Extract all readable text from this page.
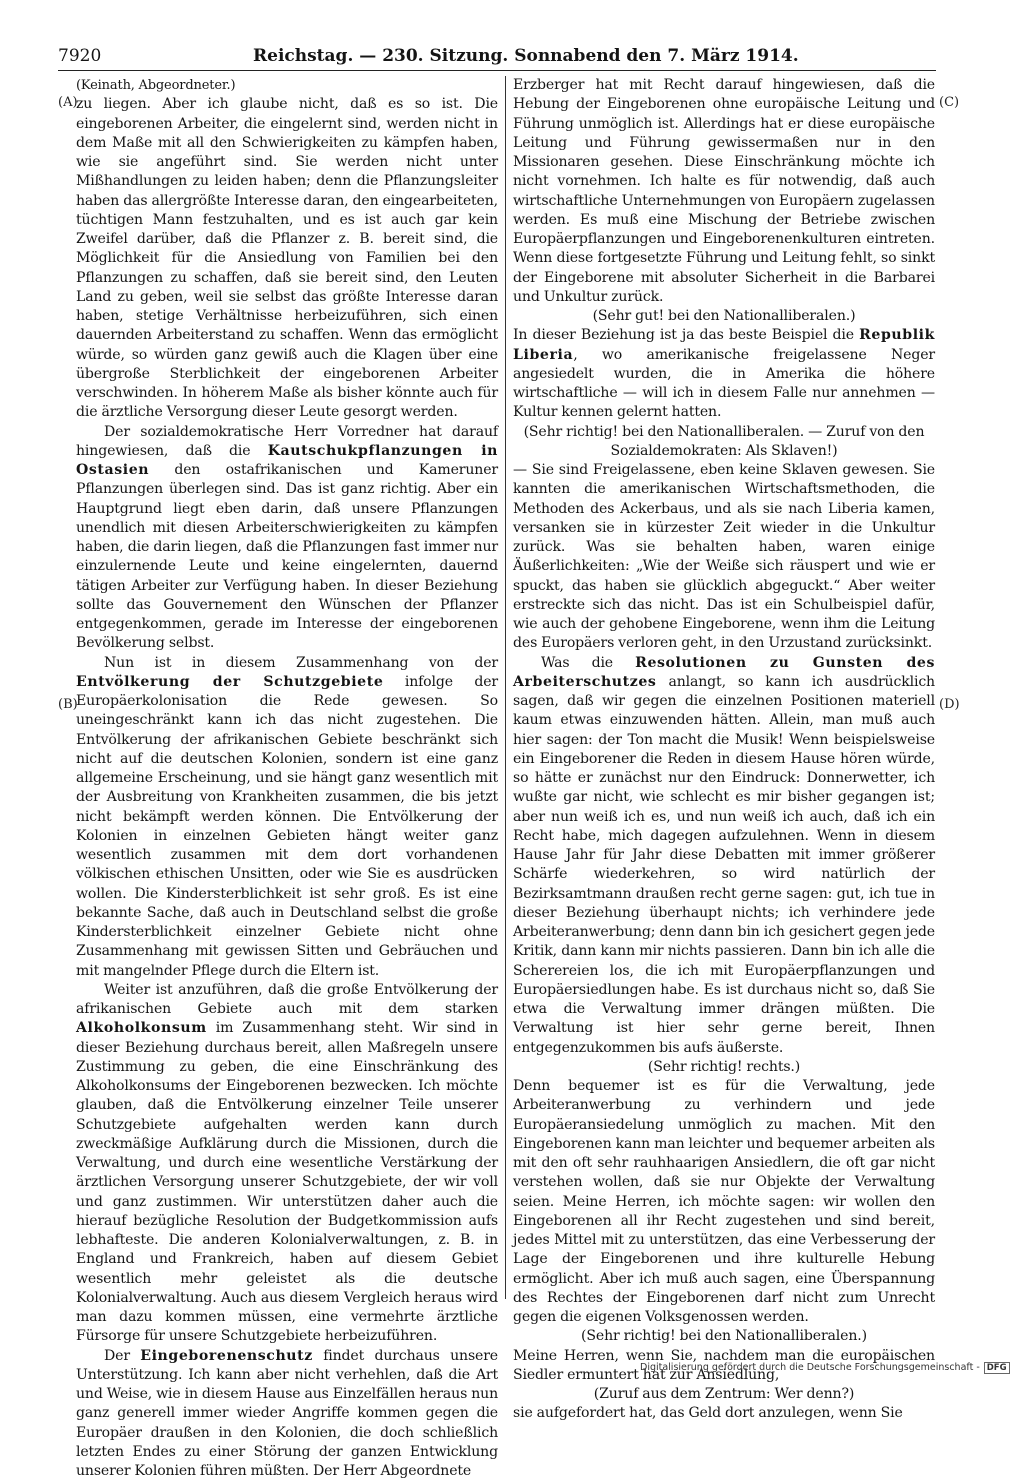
7920	Reichstag. — 230. Sitzung. Sonnabend den 7. März 1914.
(A)
(B)
(C)
(D)

(Keinath, Abgeordneter.)

zu liegen. Aber ich glaube nicht, daß es so ist. Die eingeborenen Arbeiter, die eingelernt sind, werden nicht in dem Maße mit all den Schwierigkeiten zu kämpfen haben, wie sie angeführt sind. Sie werden nicht unter Mißhandlungen zu leiden haben; denn die Pflanzungsleiter haben das allergrößte Interesse daran, den eingearbeiteten, tüchtigen Mann festzuhalten, und es ist auch gar kein Zweifel darüber, daß die Pflanzer z. B. bereit sind, die Möglichkeit für die Ansiedlung von Familien bei den Pflanzungen zu schaffen, daß sie bereit sind, den Leuten Land zu geben, weil sie selbst das größte Interesse daran haben, stetige Verhältnisse herbeizuführen, sich einen dauernden Arbeiterstand zu schaffen. Wenn das ermöglicht würde, so würden ganz gewiß auch die Klagen über eine übergroße Sterblichkeit der eingeborenen Arbeiter verschwinden. In höherem Maße als bisher könnte auch für die ärztliche Versorgung dieser Leute gesorgt werden.

Der sozialdemokratische Herr Vorredner hat darauf hingewiesen, daß die Kautschukpflanzungen in Ostasien den ostafrikanischen und Kameruner Pflanzungen überlegen sind. Das ist ganz richtig. Aber ein Hauptgrund liegt eben darin, daß unsere Pflanzungen unendlich mit diesen Arbeiterschwierigkeiten zu kämpfen haben, die darin liegen, daß die Pflanzungen fast immer nur einzulernende Leute und keine eingelernten, dauernd tätigen Arbeiter zur Verfügung haben. In dieser Beziehung sollte das Gouvernement den Wünschen der Pflanzer entgegenkommen, gerade im Interesse der eingeborenen Bevölkerung selbst.

Nun ist in diesem Zusammenhang von der Entvölkerung der Schutzgebiete infolge der Europäerkolonisation die Rede gewesen. So uneingeschränkt kann ich das nicht zugestehen. Die Entvölkerung der afrikanischen Gebiete beschränkt sich nicht auf die deutschen Kolonien, sondern ist eine ganz allgemeine Erscheinung, und sie hängt ganz wesentlich mit der Ausbreitung von Krankheiten zusammen, die bis jetzt nicht bekämpft werden können. Die Entvölkerung der Kolonien in einzelnen Gebieten hängt weiter ganz wesentlich zusammen mit dem dort vorhandenen völkischen ethischen Unsitten, oder wie Sie es ausdrücken wollen. Die Kindersterblichkeit ist sehr groß. Es ist eine bekannte Sache, daß auch in Deutschland selbst die große Kindersterblichkeit einzelner Gebiete nicht ohne Zusammenhang mit gewissen Sitten und Gebräuchen und mit mangelnder Pflege durch die Eltern ist.

Weiter ist anzuführen, daß die große Entvölkerung der afrikanischen Gebiete auch mit dem starken Alkoholkonsum im Zusammenhang steht. Wir sind in dieser Beziehung durchaus bereit, allen Maßregeln unsere Zustimmung zu geben, die eine Einschränkung des Alkoholkonsums der Eingeborenen bezwecken. Ich möchte glauben, daß die Entvölkerung einzelner Teile unserer Schutzgebiete aufgehalten werden kann durch zweckmäßige Aufklärung durch die Missionen, durch die Verwaltung, und durch eine wesentliche Verstärkung der ärztlichen Versorgung unserer Schutzgebiete, der wir voll und ganz zustimmen. Wir unterstützen daher auch die hierauf bezügliche Resolution der Budgetkommission aufs lebhafteste. Die anderen Kolonialverwaltungen, z. B. in England und Frankreich, haben auf diesem Gebiet wesentlich mehr geleistet als die deutsche Kolonialverwaltung. Auch aus diesem Vergleich heraus wird man dazu kommen müssen, eine vermehrte ärztliche Fürsorge für unsere Schutzgebiete herbeizuführen.

Der Eingeborenenschutz findet durchaus unsere Unterstützung. Ich kann aber nicht verhehlen, daß die Art und Weise, wie in diesem Hause aus Einzelfällen heraus nun ganz generell immer wieder Angriffe kommen gegen die Europäer draußen in den Kolonien, die doch schließlich letzten Endes zu einer Störung der ganzen Entwicklung unserer Kolonien führen müßten. Der Herr Abgeordnete

Erzberger hat mit Recht darauf hingewiesen, daß die Hebung der Eingeborenen ohne europäische Leitung und Führung unmöglich ist. Allerdings hat er diese europäische Leitung und Führung gewissermaßen nur in den Missionaren gesehen. Diese Einschränkung möchte ich nicht vornehmen. Ich halte es für notwendig, daß auch wirtschaftliche Unternehmungen von Europäern zugelassen werden. Es muß eine Mischung der Betriebe zwischen Europäerpflanzungen und Eingeborenenkulturen eintreten. Wenn diese fortgesetzte Führung und Leitung fehlt, so sinkt der Eingeborene mit absoluter Sicherheit in die Barbarei und Unkultur zurück.

(Sehr gut! bei den Nationalliberalen.)

In dieser Beziehung ist ja das beste Beispiel die Republik Liberia, wo amerikanische freigelassene Neger angesiedelt wurden, die in Amerika die höhere wirtschaftliche — will ich in diesem Falle nur annehmen — Kultur kennen gelernt hatten.

(Sehr richtig! bei den Nationalliberalen. — Zuruf von den Sozialdemokraten: Als Sklaven!)

— Sie sind Freigelassene, eben keine Sklaven gewesen. Sie kannten die amerikanischen Wirtschaftsmethoden, die Methoden des Ackerbaus, und als sie nach Liberia kamen, versanken sie in kürzester Zeit wieder in die Unkultur zurück. Was sie behalten haben, waren einige Äußerlichkeiten: „Wie der Weiße sich räuspert und wie er spuckt, das haben sie glücklich abgeguckt.“ Aber weiter erstreckte sich das nicht. Das ist ein Schulbeispiel dafür, wie auch der gehobene Eingeborene, wenn ihm die Leitung des Europäers verloren geht, in den Urzustand zurücksinkt.

Was die Resolutionen zu Gunsten des Arbeiterschutzes anlangt, so kann ich ausdrücklich sagen, daß wir gegen die einzelnen Positionen materiell kaum etwas einzuwenden hätten. Allein, man muß auch hier sagen: der Ton macht die Musik! Wenn beispielsweise ein Eingeborener die Reden in diesem Hause hören würde, so hätte er zunächst nur den Eindruck: Donnerwetter, ich wußte gar nicht, wie schlecht es mir bisher gegangen ist; aber nun weiß ich es, und nun weiß ich auch, daß ich ein Recht habe, mich dagegen aufzulehnen. Wenn in diesem Hause Jahr für Jahr diese Debatten mit immer größerer Schärfe wiederkehren, so wird natürlich der Bezirksamtmann draußen recht gerne sagen: gut, ich tue in dieser Beziehung überhaupt nichts; ich verhindere jede Arbeiteranwerbung; denn dann bin ich gesichert gegen jede Kritik, dann kann mir nichts passieren. Dann bin ich alle die Scherereien los, die ich mit Europäerpflanzungen und Europäersiedlungen habe. Es ist durchaus nicht so, daß Sie etwa die Verwaltung immer drängen müßten. Die Verwaltung ist hier sehr gerne bereit, Ihnen entgegenzukommen bis aufs äußerste.

(Sehr richtig! rechts.)

Denn bequemer ist es für die Verwaltung, jede Arbeiteranwerbung zu verhindern und jede Europäeransiedelung unmöglich zu machen. Mit den Eingeborenen kann man leichter und bequemer arbeiten als mit den oft sehr rauhhaarigen Ansiedlern, die oft gar nicht verstehen wollen, daß sie nur Objekte der Verwaltung seien. Meine Herren, ich möchte sagen: wir wollen den Eingeborenen all ihr Recht zugestehen und sind bereit, jedes Mittel mit zu unterstützen, das eine Verbesserung der Lage der Eingeborenen und ihre kulturelle Hebung ermöglicht. Aber ich muß auch sagen, eine Überspannung des Rechtes der Eingeborenen darf nicht zum Unrecht gegen die eigenen Volksgenossen werden.

(Sehr richtig! bei den Nationalliberalen.)

Meine Herren, wenn Sie, nachdem man die europäischen Siedler ermuntert hat zur Ansiedlung,

(Zuruf aus dem Zentrum: Wer denn?)

sie aufgefordert hat, das Geld dort anzulegen, wenn Sie

Digitalisierung gefördert durch die Deutsche Forschungsgemeinschaft - DFG
